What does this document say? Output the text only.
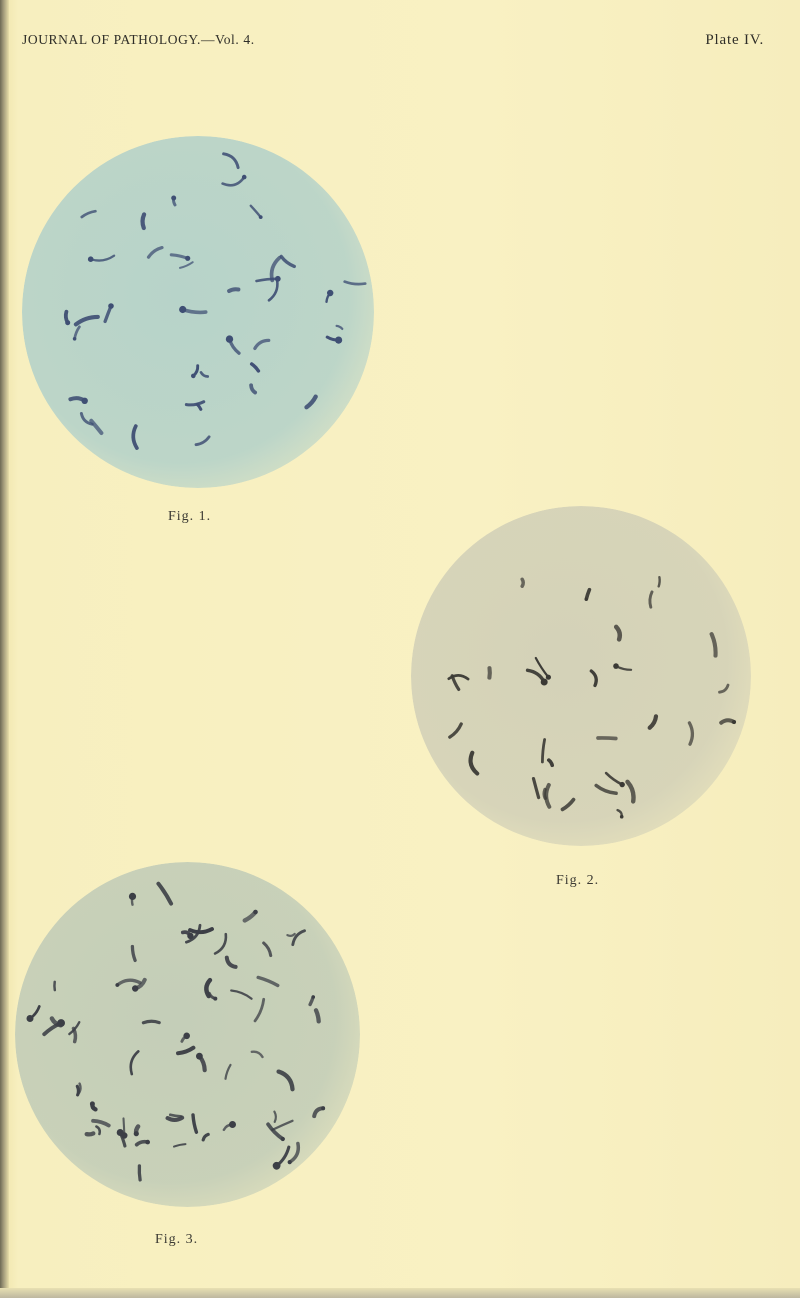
JOURNAL OF PATHOLOGY.—Vol. 4.	Plate IV.
Fig. 1.
Fig. 2.
Fig. 3.
